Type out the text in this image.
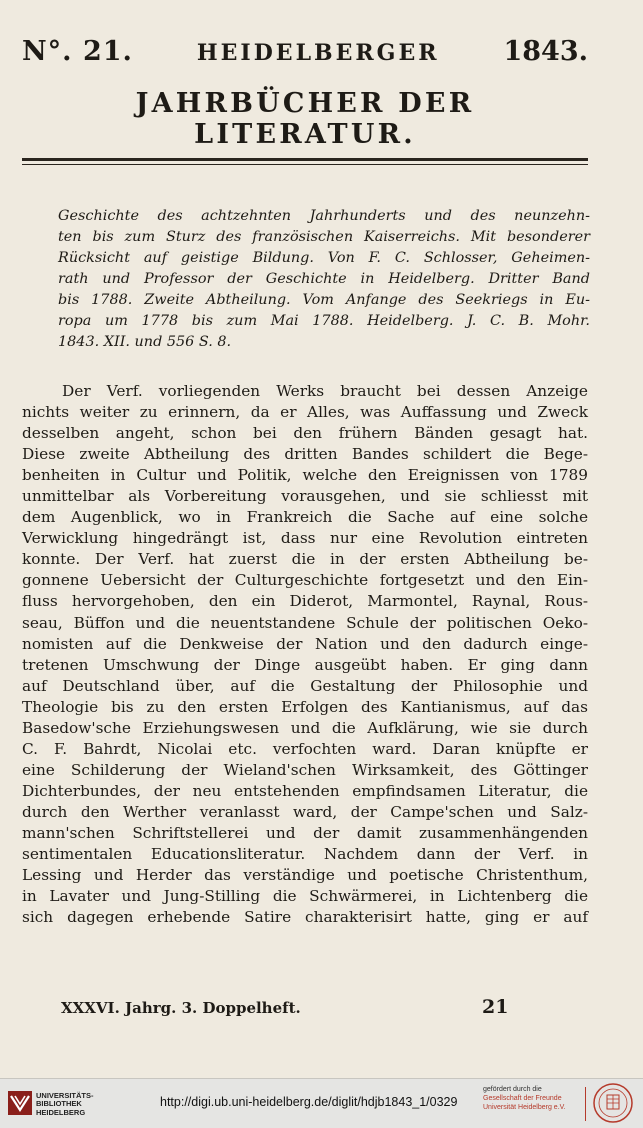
N°. 21.	HEIDELBERGER 1843.
JAHRBÜCHER DER LITERATUR.
Geschichte des achtzehnten Jahrhunderts und des neunzehn-
ten bis zum Sturz des französischen Kaiserreichs. Mit besonderer
Rücksicht auf geistige Bildung. Von F. C. Schlosser, Geheimen-
rath und Professor der Geschichte in Heidelberg. Dritter Band
bis 1788. Zweite Abtheilung. Vom Anfange des Seekriegs in Eu-
ropa um 1778 bis zum Mai 1788. Heidelberg. J. C. B. Mohr.
1843. XII. und 556 S. 8.
Der Verf. vorliegenden Werks braucht bei dessen Anzeige
nichts weiter zu erinnern, da er Alles, was Auffassung und Zweck
desselben angeht, schon bei den frühern Bänden gesagt hat.
Diese zweite Abtheilung des dritten Bandes schildert die Bege-
benheiten in Cultur und Politik, welche den Ereignissen von 1789
unmittelbar als Vorbereitung vorausgehen, und sie schliesst mit
dem Augenblick, wo in Frankreich die Sache auf eine solche
Verwicklung hingedrängt ist, dass nur eine Revolution eintreten
konnte. Der Verf. hat zuerst die in der ersten Abtheilung be-
gonnene Uebersicht der Culturgeschichte fortgesetzt und den Ein-
fluss hervorgehoben, den ein Diderot, Marmontel, Raynal, Rous-
seau, Büffon und die neuentstandene Schule der politischen Oeko-
nomisten auf die Denkweise der Nation und den dadurch einge-
tretenen Umschwung der Dinge ausgeübt haben. Er ging dann
auf Deutschland über, auf die Gestaltung der Philosophie und
Theologie bis zu den ersten Erfolgen des Kantianismus, auf das
Basedow'sche Erziehungswesen und die Aufklärung, wie sie durch
C. F. Bahrdt, Nicolai etc. verfochten ward. Daran knüpfte er
eine Schilderung der Wieland'schen Wirksamkeit, des Göttinger
Dichterbundes, der neu entstehenden empfindsamen Literatur, die
durch den Werther veranlasst ward, der Campe'schen und Salz-
mann'schen Schriftstellerei und der damit zusammenhängenden
sentimentalen Educationsliteratur. Nachdem dann der Verf. in
Lessing und Herder das verständige und poetische Christenthum,
in Lavater und Jung-Stilling die Schwärmerei, in Lichtenberg die
sich dagegen erhebende Satire charakterisirt hatte, ging er auf
XXXVI. Jahrg. 3. Doppelheft.	21
UNIVERSITÄTS-
BIBLIOTHEK
HEIDELBERG
http://digi.ub.uni-heidelberg.de/diglit/hdjb1843_1/0329
gefördert durch die
Gesellschaft der Freunde
Universität Heidelberg e.V.
